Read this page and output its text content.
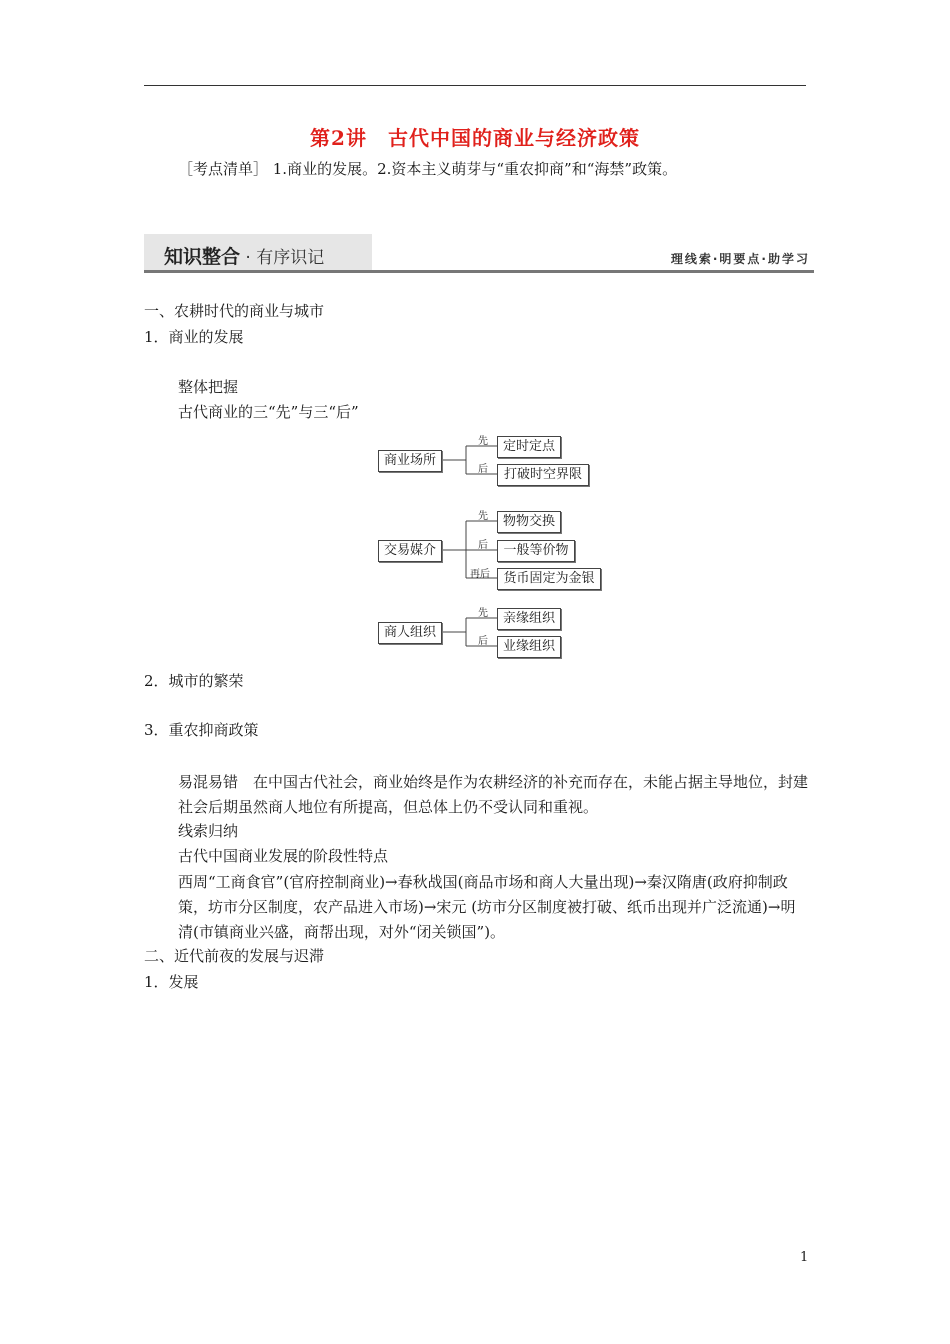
第2讲　古代中国的商业与经济政策
［考点清单］ 1.商业的发展。2.资本主义萌芽与“重农抑商”和“海禁”政策。
知识整合 · 有序识记	理线索·明要点·助学习
一、农耕时代的商业与城市
1．商业的发展
整体把握
古代商业的三“先”与三“后”
商业场所
先	定时定点
后	打破时空界限
交易媒介
先	物物交换
后	一般等价物
再后	货币固定为金银
商人组织
先	亲缘组织
后	业缘组织
2．城市的繁荣
3．重农抑商政策
易混易错　在中国古代社会，商业始终是作为农耕经济的补充而存在，未能占据主导地位，封建社会后期虽然商人地位有所提高，但总体上仍不受认同和重视。
线索归纳
古代中国商业发展的阶段性特点
西周“工商食官”(官府控制商业)→春秋战国(商品市场和商人大量出现)→秦汉隋唐(政府抑制政策，坊市分区制度，农产品进入市场)→宋元 (坊市分区制度被打破、纸币出现并广泛流通)→明清(市镇商业兴盛，商帮出现，对外“闭关锁国”)。
二、近代前夜的发展与迟滞
1．发展
1
